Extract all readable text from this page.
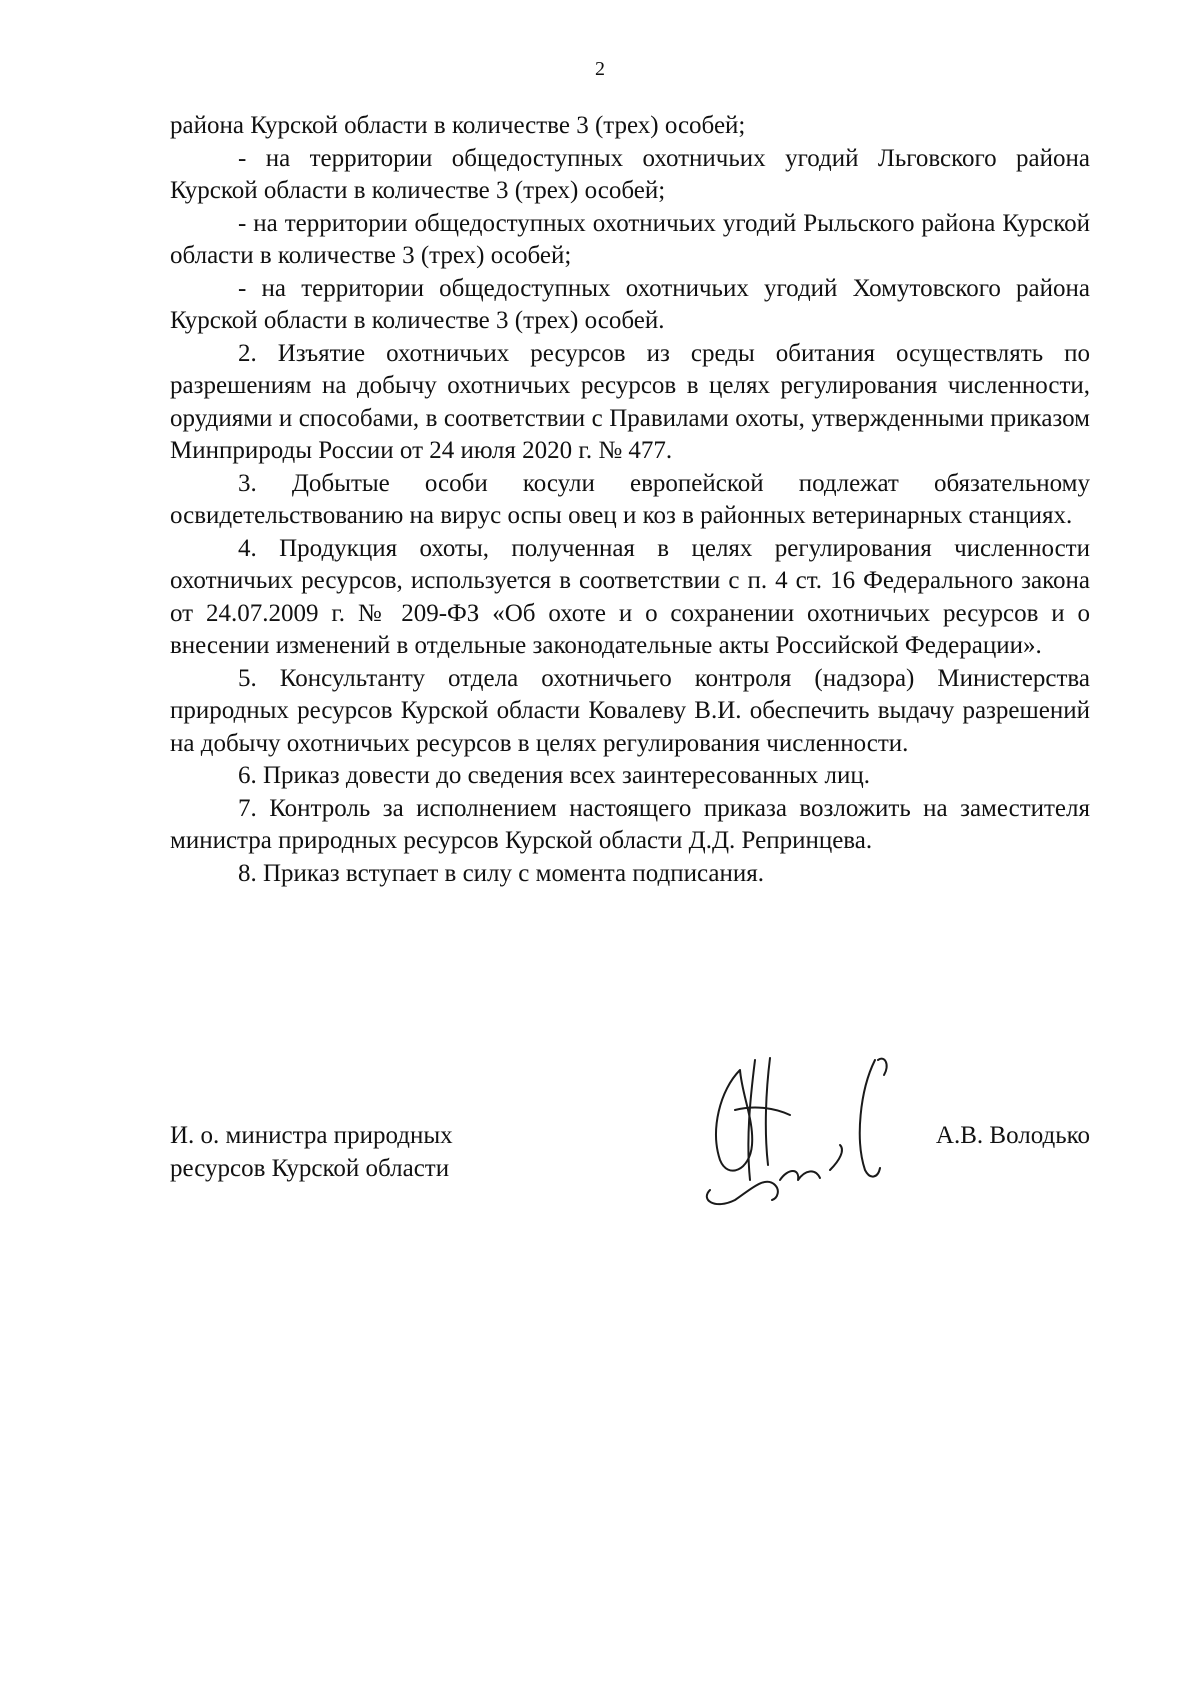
2

района Курской области в количестве 3 (трех) особей;

- на территории общедоступных охотничьих угодий Льговского района Курской области в количестве 3 (трех) особей;

- на территории общедоступных охотничьих угодий Рыльского района Курской области в количестве 3 (трех) особей;

- на территории общедоступных охотничьих угодий Хомутовского района Курской области в количестве 3 (трех) особей.

2. Изъятие охотничьих ресурсов из среды обитания осуществлять по разрешениям на добычу охотничьих ресурсов в целях регулирования численности, орудиями и способами, в соответствии с Правилами охоты, утвержденными приказом Минприроды России от 24 июля 2020 г. № 477.

3. Добытые особи косули европейской подлежат обязательному освидетельствованию на вирус оспы овец и коз в районных ветеринарных станциях.

4. Продукция охоты, полученная в целях регулирования численности охотничьих ресурсов, используется в соответствии с п. 4 ст. 16 Федерального закона от 24.07.2009 г. № 209-ФЗ «Об охоте и о сохранении охотничьих ресурсов и о внесении изменений в отдельные законодательные акты Российской Федерации».

5. Консультанту отдела охотничьего контроля (надзора) Министерства природных ресурсов Курской области Ковалеву В.И. обеспечить выдачу разрешений на добычу охотничьих ресурсов в целях регулирования численности.

6. Приказ довести до сведения всех заинтересованных лиц.

7. Контроль за исполнением настоящего приказа возложить на заместителя министра природных ресурсов Курской области Д.Д. Репринцева.

8. Приказ вступает в силу с момента подписания.

И. о. министра природных
ресурсов Курской области
А.В. Володько
